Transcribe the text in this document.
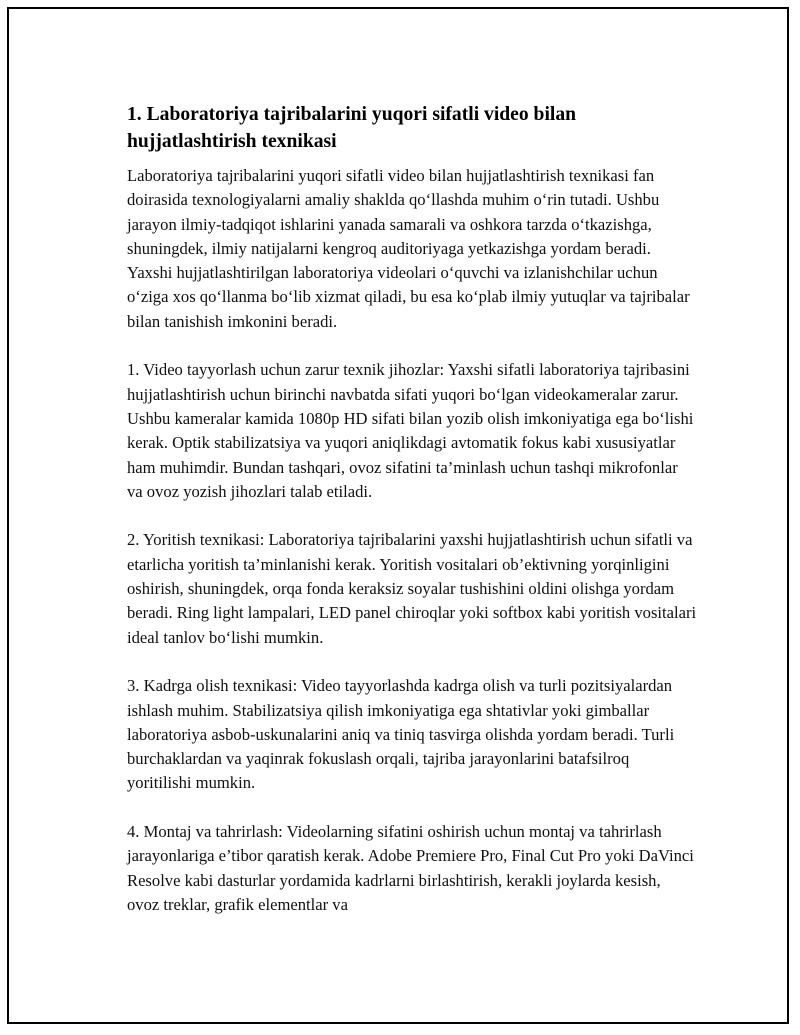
1. Laboratoriya tajribalarini yuqori sifatli video bilan hujjatlashtirish texnikasi

Laboratoriya tajribalarini yuqori sifatli video bilan hujjatlashtirish texnikasi fan doirasida texnologiyalarni amaliy shaklda qo‘llashda muhim o‘rin tutadi. Ushbu jarayon ilmiy-tadqiqot ishlarini yanada samarali va oshkora tarzda o‘tkazishga, shuningdek, ilmiy natijalarni kengroq auditoriyaga yetkazishga yordam beradi. Yaxshi hujjatlashtirilgan laboratoriya videolari o‘quvchi va izlanishchilar uchun o‘ziga xos qo‘llanma bo‘lib xizmat qiladi, bu esa ko‘plab ilmiy yutuqlar va tajribalar bilan tanishish imkonini beradi.

1. Video tayyorlash uchun zarur texnik jihozlar: Yaxshi sifatli laboratoriya tajribasini hujjatlashtirish uchun birinchi navbatda sifati yuqori bo‘lgan videokameralar zarur. Ushbu kameralar kamida 1080p HD sifati bilan yozib olish imkoniyatiga ega bo‘lishi kerak. Optik stabilizatsiya va yuqori aniqlikdagi avtomatik fokus kabi xususiyatlar ham muhimdir. Bundan tashqari, ovoz sifatini ta’minlash uchun tashqi mikrofonlar va ovoz yozish jihozlari talab etiladi.

2. Yoritish texnikasi: Laboratoriya tajribalarini yaxshi hujjatlashtirish uchun sifatli va etarlicha yoritish ta’minlanishi kerak. Yoritish vositalari ob’ektivning yorqinligini oshirish, shuningdek, orqa fonda keraksiz soyalar tushishini oldini olishga yordam beradi. Ring light lampalari, LED panel chiroqlar yoki softbox kabi yoritish vositalari ideal tanlov bo‘lishi mumkin.

3. Kadrga olish texnikasi: Video tayyorlashda kadrga olish va turli pozitsiyalardan ishlash muhim. Stabilizatsiya qilish imkoniyatiga ega shtativlar yoki gimballar laboratoriya asbob-uskunalarini aniq va tiniq tasvirga olishda yordam beradi. Turli burchaklardan va yaqinrak fokuslash orqali, tajriba jarayonlarini batafsilroq yoritilishi mumkin.

4. Montaj va tahrirlash: Videolarning sifatini oshirish uchun montaj va tahrirlash jarayonlariga e’tibor qaratish kerak. Adobe Premiere Pro, Final Cut Pro yoki DaVinci Resolve kabi dasturlar yordamida kadrlarni birlashtirish, kerakli joylarda kesish, ovoz treklar, grafik elementlar va
